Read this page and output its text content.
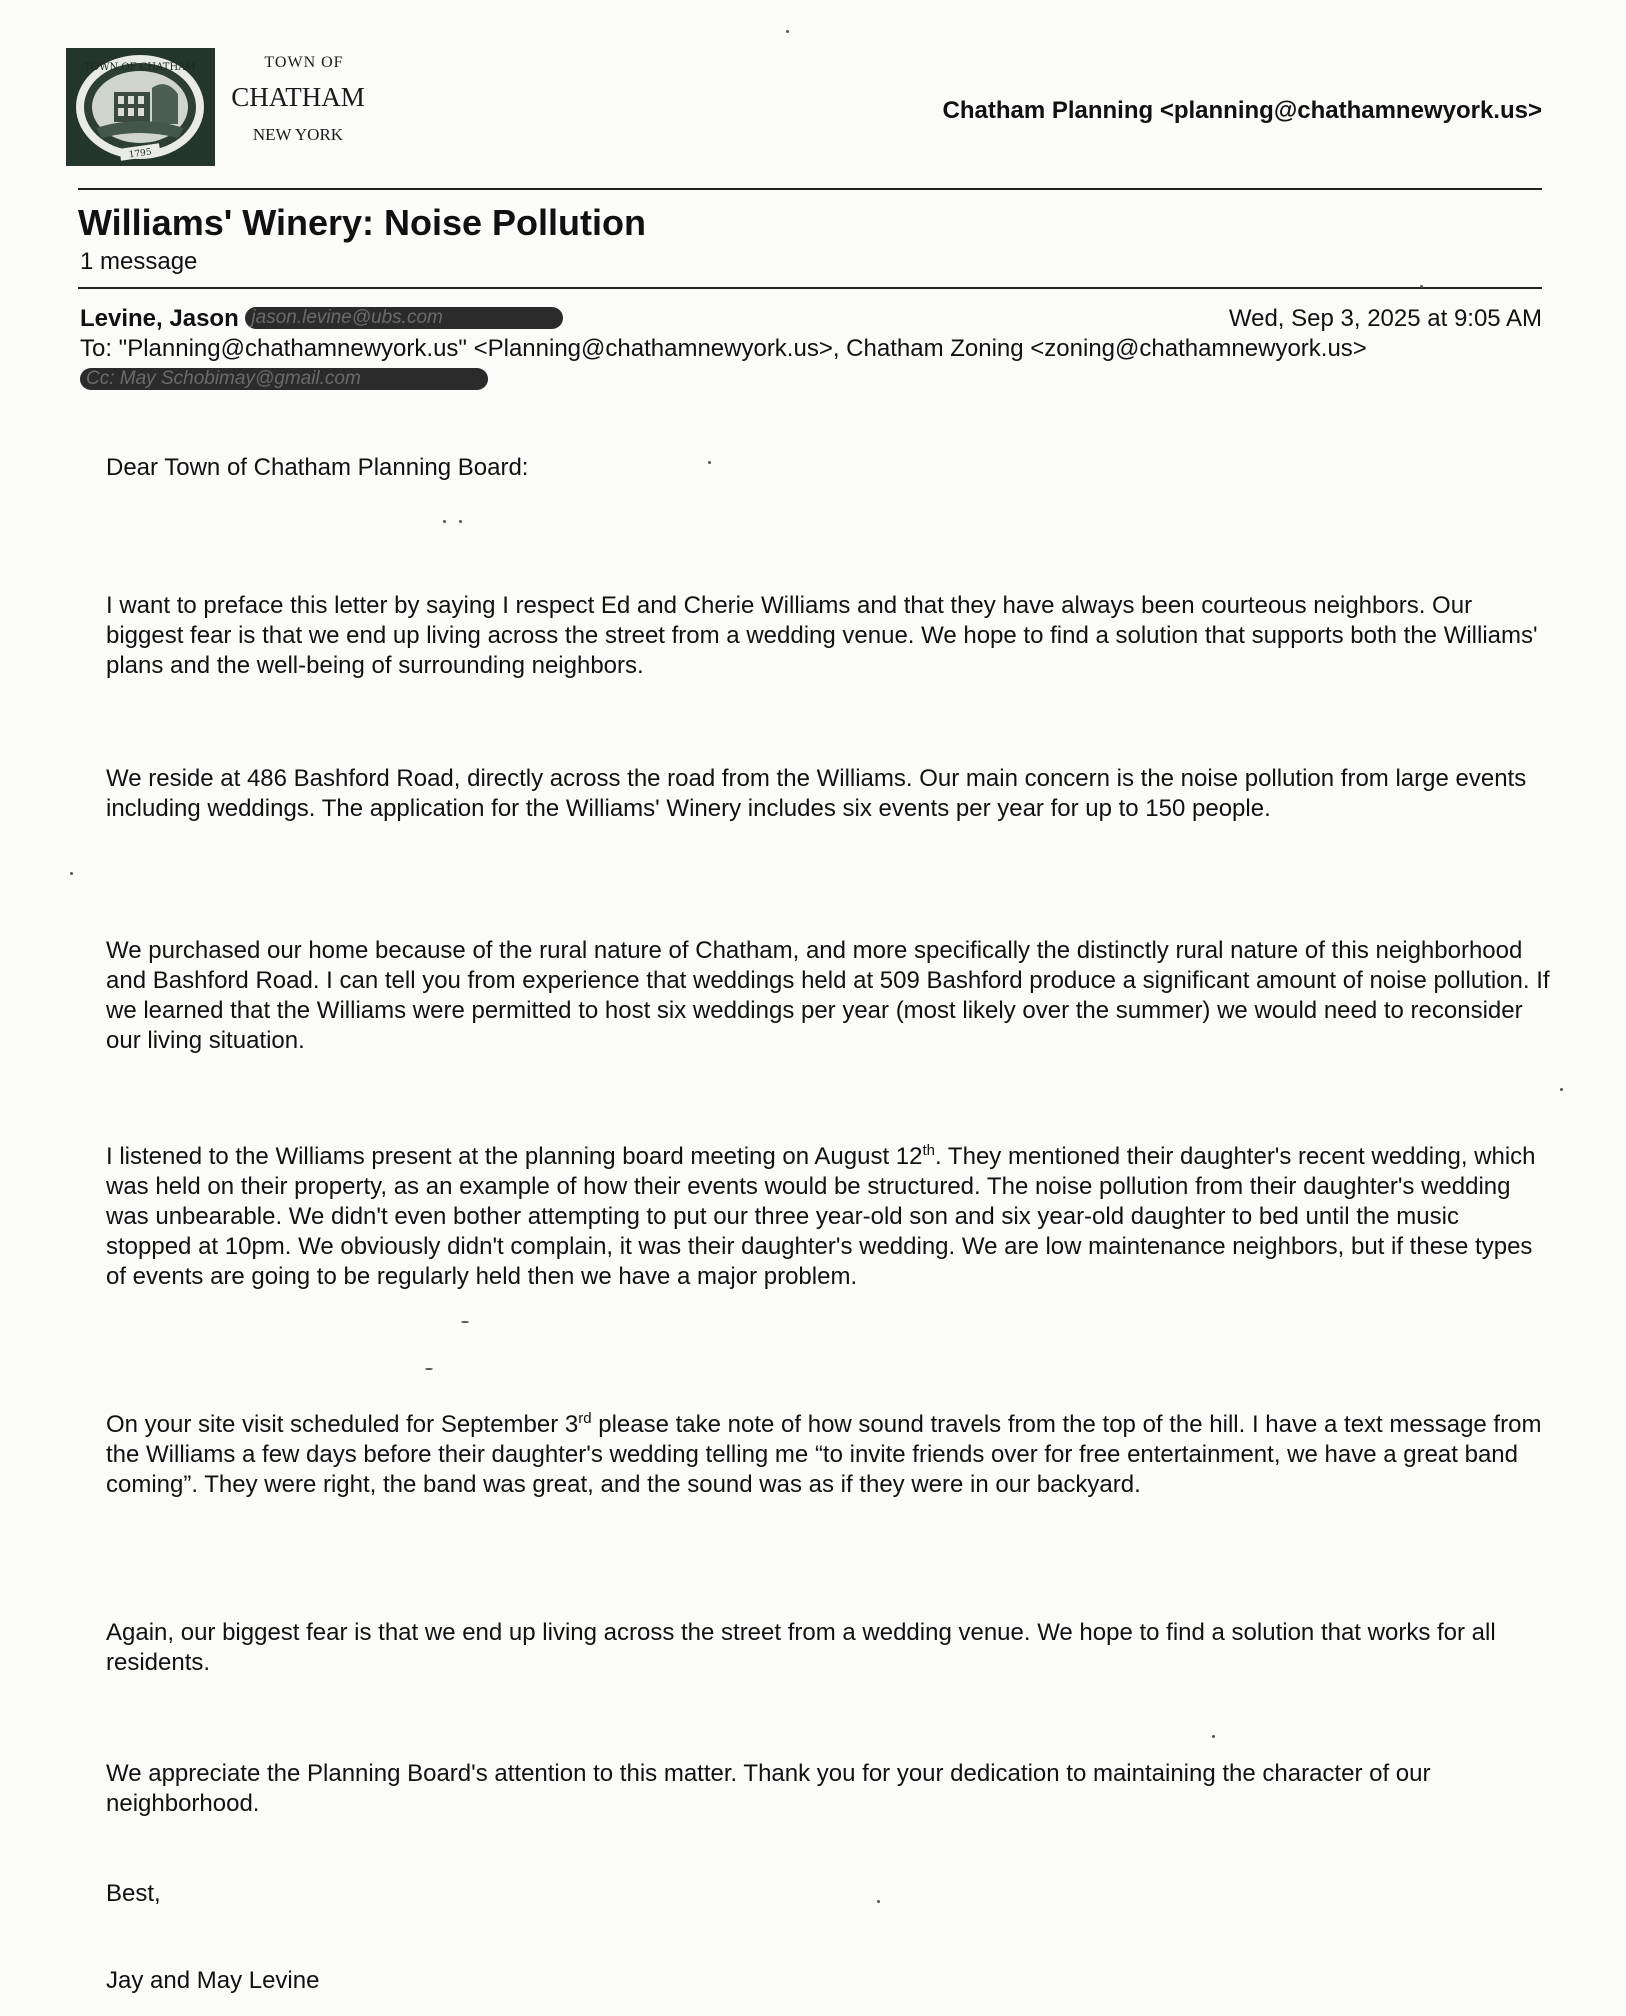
TOWN OF CHATHAM
1795
TOWN OF
CHATHAM
NEW YORK
Chatham Planning <planning@chathamnewyork.us>
Williams' Winery: Noise Pollution
1 message
Levine, Jason jason.levine@ubs.com	Wed, Sep 3, 2025 at 9:05 AM
To: "Planning@chathamnewyork.us" <Planning@chathamnewyork.us>, Chatham Zoning <zoning@chathamnewyork.us>
Cc: May Schobimay@gmail.com
Dear Town of Chatham Planning Board:

I want to preface this letter by saying I respect Ed and Cherie Williams and that they have always been courteous neighbors. Our biggest fear is that we end up living across the street from a wedding venue. We hope to find a solution that supports both the Williams' plans and the well-being of surrounding neighbors.

We reside at 486 Bashford Road, directly across the road from the Williams. Our main concern is the noise pollution from large events including weddings. The application for the Williams' Winery includes six events per year for up to 150 people.

We purchased our home because of the rural nature of Chatham, and more specifically the distinctly rural nature of this neighborhood and Bashford Road. I can tell you from experience that weddings held at 509 Bashford produce a significant amount of noise pollution. If we learned that the Williams were permitted to host six weddings per year (most likely over the summer) we would need to reconsider our living situation.

I listened to the Williams present at the planning board meeting on August 12th. They mentioned their daughter's recent wedding, which was held on their property, as an example of how their events would be structured. The noise pollution from their daughter's wedding was unbearable. We didn't even bother attempting to put our three year-old son and six year-old daughter to bed until the music stopped at 10pm. We obviously didn't complain, it was their daughter's wedding. We are low maintenance neighbors, but if these types of events are going to be regularly held then we have a major problem.

On your site visit scheduled for September 3rd please take note of how sound travels from the top of the hill. I have a text message from the Williams a few days before their daughter's wedding telling me “to invite friends over for free entertainment, we have a great band coming”. They were right, the band was great, and the sound was as if they were in our backyard.

Again, our biggest fear is that we end up living across the street from a wedding venue. We hope to find a solution that works for all residents.

We appreciate the Planning Board's attention to this matter. Thank you for your dedication to maintaining the character of our neighborhood.

Best,
Jay and May Levine
